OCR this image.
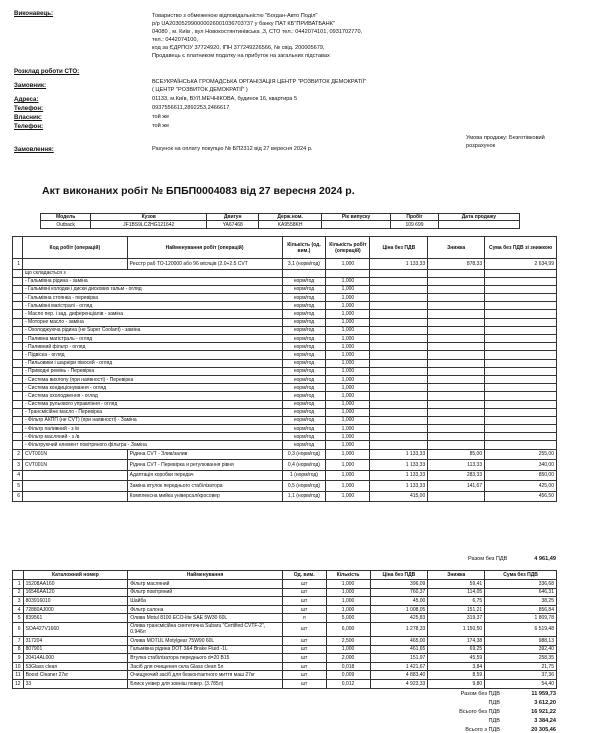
Виконавець:	Товариство з обмеженою відповідальністю "Богдан-Авто Поділ"
р/р UA203052990000026001036703737 у банку ПАТ КБ"ПРИВАТБАНК"
04080 , м. Київ , вул Новокостянтинівська ,3, СТО тел.: 0442074101, 0931702770,
тел.: 0442074100,
код за ЄДРПОУ 37724920, ІПН 377249226566, № свід. 200005679,
Продавець є платником податку на прибуток на загальних підставах
Розклад роботи СТО:
Замовник:	ВСЕУКРАЇНСЬКА ГРОМАДСЬКА ОРГАНІЗАЦІЯ ЦЕНТР "РОЗВИТОК ДЕМОКРАТІЇ"
( ЦЕНТР "РОЗВИТОК ДЕМОКРАТІЇ" )
Адреса:	01133, м.Київ, ВУЛ.МЕЧНІКОВА, будинок 16, квартира 5
Телефон:	0937556611,2892253,2466617
Власник:	той же
Телефон:	той же
Умова продажу: Безготівковий
розрахунок
Замовлення:	Рахунок на оплату покупцю № БП2312 від 27 вересня 2024 р.
Акт виконаних робіт № БПБП0004083 від 27 вересня 2024 р.
Модель	Кузов	Двигун	Держ.ном.	Рік випуску	Пробіг	Дата продажу
Outback	JF1BS9LC2HG121642	YA67468	KA9558KH		109 699	
	Код робіт (операцій)	Найменування робіт (операцій)	Кількість (од. вим.)	Кількість робіт (операцій)	Ціна без ПДВ	Знижка	Сума без ПДВ зі знижкою
1		Реєстр раб ТО-120000 або 96 місяців (2.0+2.5 CVT	3,1 (норм/год)	1,000	1 133,33	878,33	2 634,99
	що складається з						
	- Гальмівна рідина - заміна		норм/год	1,000			
	- Гальмівні колодки і диски дискових гальм - огляд		норм/год	1,000			
	- Гальмівна стоянка - перевірка		норм/год	1,000			
	- Гальмівні магістралі - огляд		норм/год	1,000			
	- Масло пер. і зад. диференціалів - заміна		норм/год	1,000			
	- Моторне масло - заміна		норм/год	1,000			
	- Охолоджуюча рідина (не Super Coolant) - заміна		норм/год	1,000			
	- Паливна магістраль - огляд		норм/год	1,000			
	- Паливний фільтр - огляд		норм/год	1,000			
	- Підвіска - огляд		норм/год	1,000			
	- Пильовики і шарніри півосей - огляд		норм/год	1,000			
	- Приводні ремінь - Перевірка		норм/год	1,000			
	- Система вихлопу (при наявності) - Перевірка		норм/год	1,000			
	- Система кондиціонування - огляд		норм/год	1,000			
	- Система охолодження - огляд		норм/год	1,000			
	- Система рульового управління - огляд		норм/год	1,000			
	- Трансмісійне масло - Перевірка		норм/год	1,000			
	- Фільтр АКПП (не CVT) (при наявності) - Заміна		норм/год	1,000			
	- Фільтр паливний - з /в		норм/год	1,000			
	- Фільтр масляний - з /в		норм/год	1,000			
	- Фільтруючий елемент повітряного фільтра - Заміна		норм/год	1,000			
2	CVT001N	Рідина CVT - Злив/залив	0,3 (норм/год)	1,000	1 133,33	85,00	255,00
3	CVT001N	Рідина CVT - Перевірка и регулювання рівня	0,4 (норм/год)	1,000	1 133,33	113,33	340,00
4		Адаптація коробки передач	1 (норм/год)	1,000	1 133,33	283,33	850,00
5		Заміна втулок переднього стабілізатора	0,5 (норм/год)	1,000	1 133,33	141,67	425,00
6		Комплексна мийка універсал/кросовер	1,1 (норм/год)	1,000	415,00		456,50
Разом без ПДВ	4 961,49
	Каталожний номер	Найменування	Од. вим.	Кількість	Ціна без ПДВ	Знижка	Сума без ПДВ
1	15208AA160	Фільтр масляний	шт	1,000	396,09	59,41	336,68
2	16546AA120	Фільтр повітряний	шт	1,000	760,37	114,05	646,31
3	803916010	Шайба	шт	1,000	45,00	6,75	38,25
4	72880AJ000	Фільтр салона	шт	1,000	1 008,05	151,21	856,84
5	839561	Олива Motul 8100 ECO-lite SAE 5W30 60L	л	5,000	425,83	319,37	1 809,78
6	SOA427V1660	Олива трансмісійна синтетична Subaru "Certified CVTF-2", 0.946л	шт	6,000	1 278,33	1 150,50	6 519,48
7	317204	Олива MOTUL Motylgear 75W90 60L	шт	2,500	465,00	174,38	988,13
8	807901	Гальмівна рідина DOT 3&4 Brake Fluid -1L	шт	1,000	461,65	69,25	392,40
9	20414AL000	Втулка стабілізатора переднього d=20 B15	шт	2,000	151,97	45,59	258,35
10	53Glass clean	Засіб для очищення скла Glass clean 5л	шт	0,018	1 421,67	3,84	21,75
11	Boost Cleaner 27кг	Очищуючий засіб для безконтактного миття маш 27кг	шт	0,009	4 883,40	8,59	37,36
12	33	Блиск універ для зовніш повер. (3.785л)	шт	0,012	4 923,33	9,80	54,40
Разом без ПДВ	11 959,73
ПДВ	3 612,20
Всього без ПДВ	16 921,22
ПДВ	3 384,24
Всього з ПДВ	20 305,46
